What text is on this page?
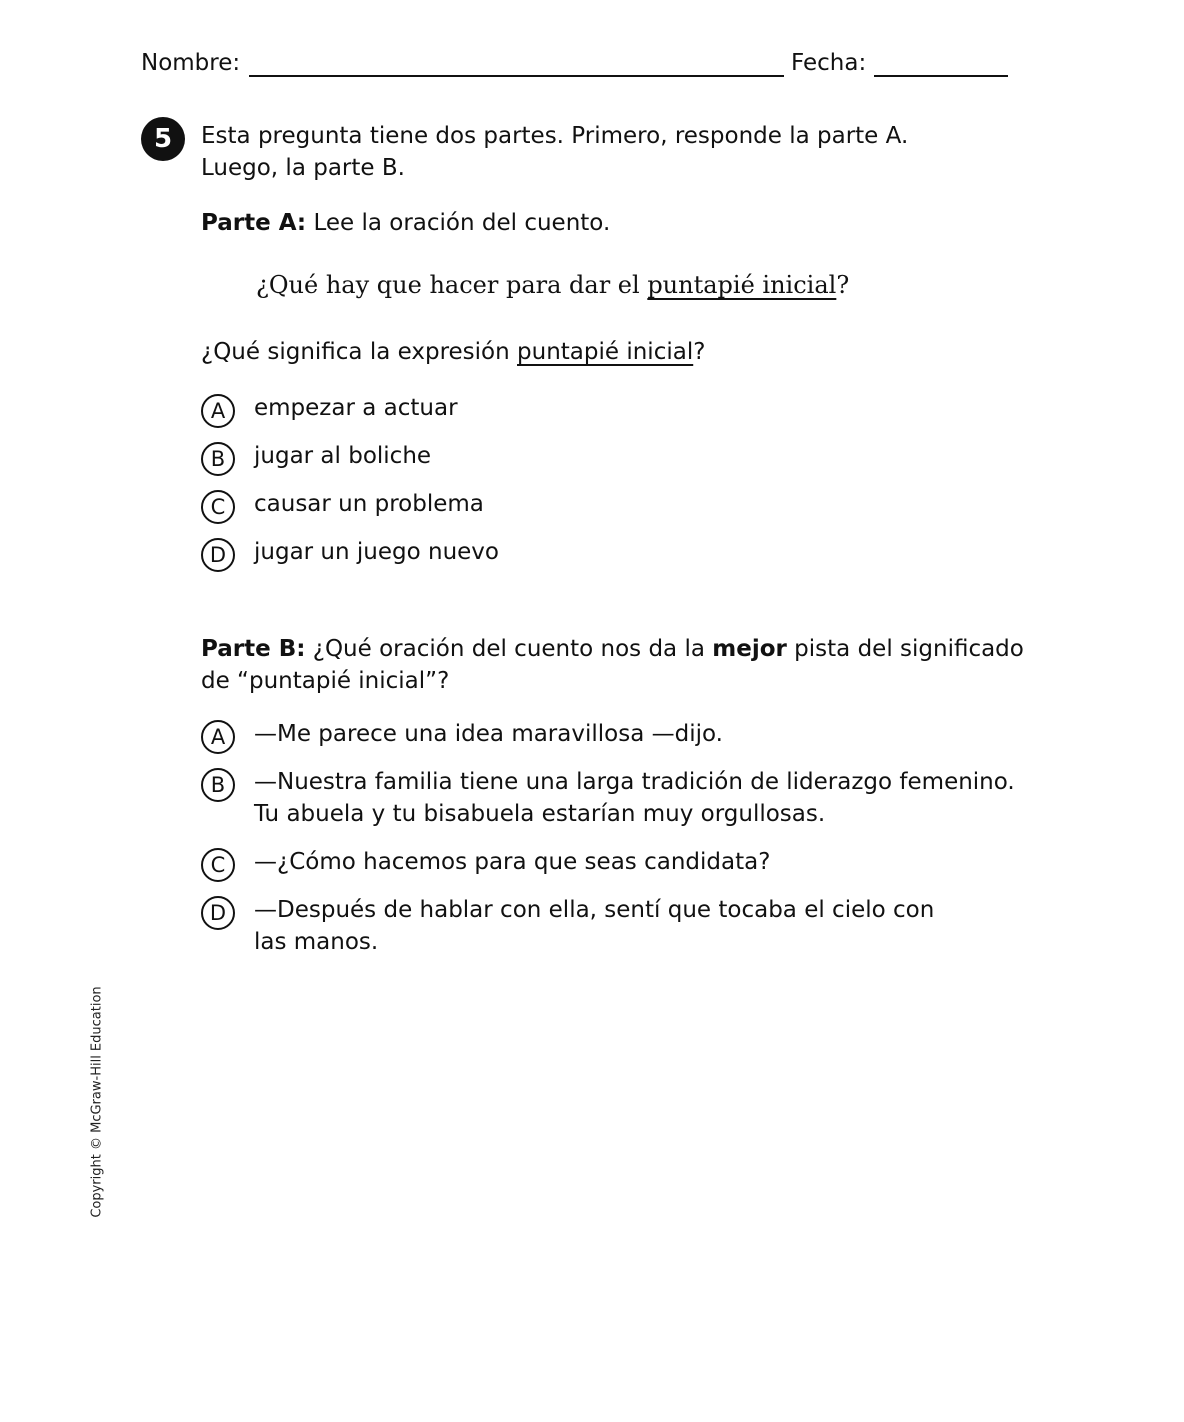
Nombre:	Fecha:
5	Esta pregunta tiene dos partes. Primero, responde la parte A.
Luego, la parte B.
Parte A: Lee la oración del cuento.
¿Qué hay que hacer para dar el puntapié inicial?
¿Qué significa la expresión puntapié inicial?
A	empezar a actuar
B	jugar al boliche
C	causar un problema
D	jugar un juego nuevo
Parte B: ¿Qué oración del cuento nos da la mejor pista del significado
de “puntapié inicial”?
A	—Me parece una idea maravillosa —dijo.
B	—Nuestra familia tiene una larga tradición de liderazgo femenino.
Tu abuela y tu bisabuela estarían muy orgullosas.
C	—¿Cómo hacemos para que seas candidata?
D	—Después de hablar con ella, sentí que tocaba el cielo con
las manos.
Copyright © McGraw-Hill Education
